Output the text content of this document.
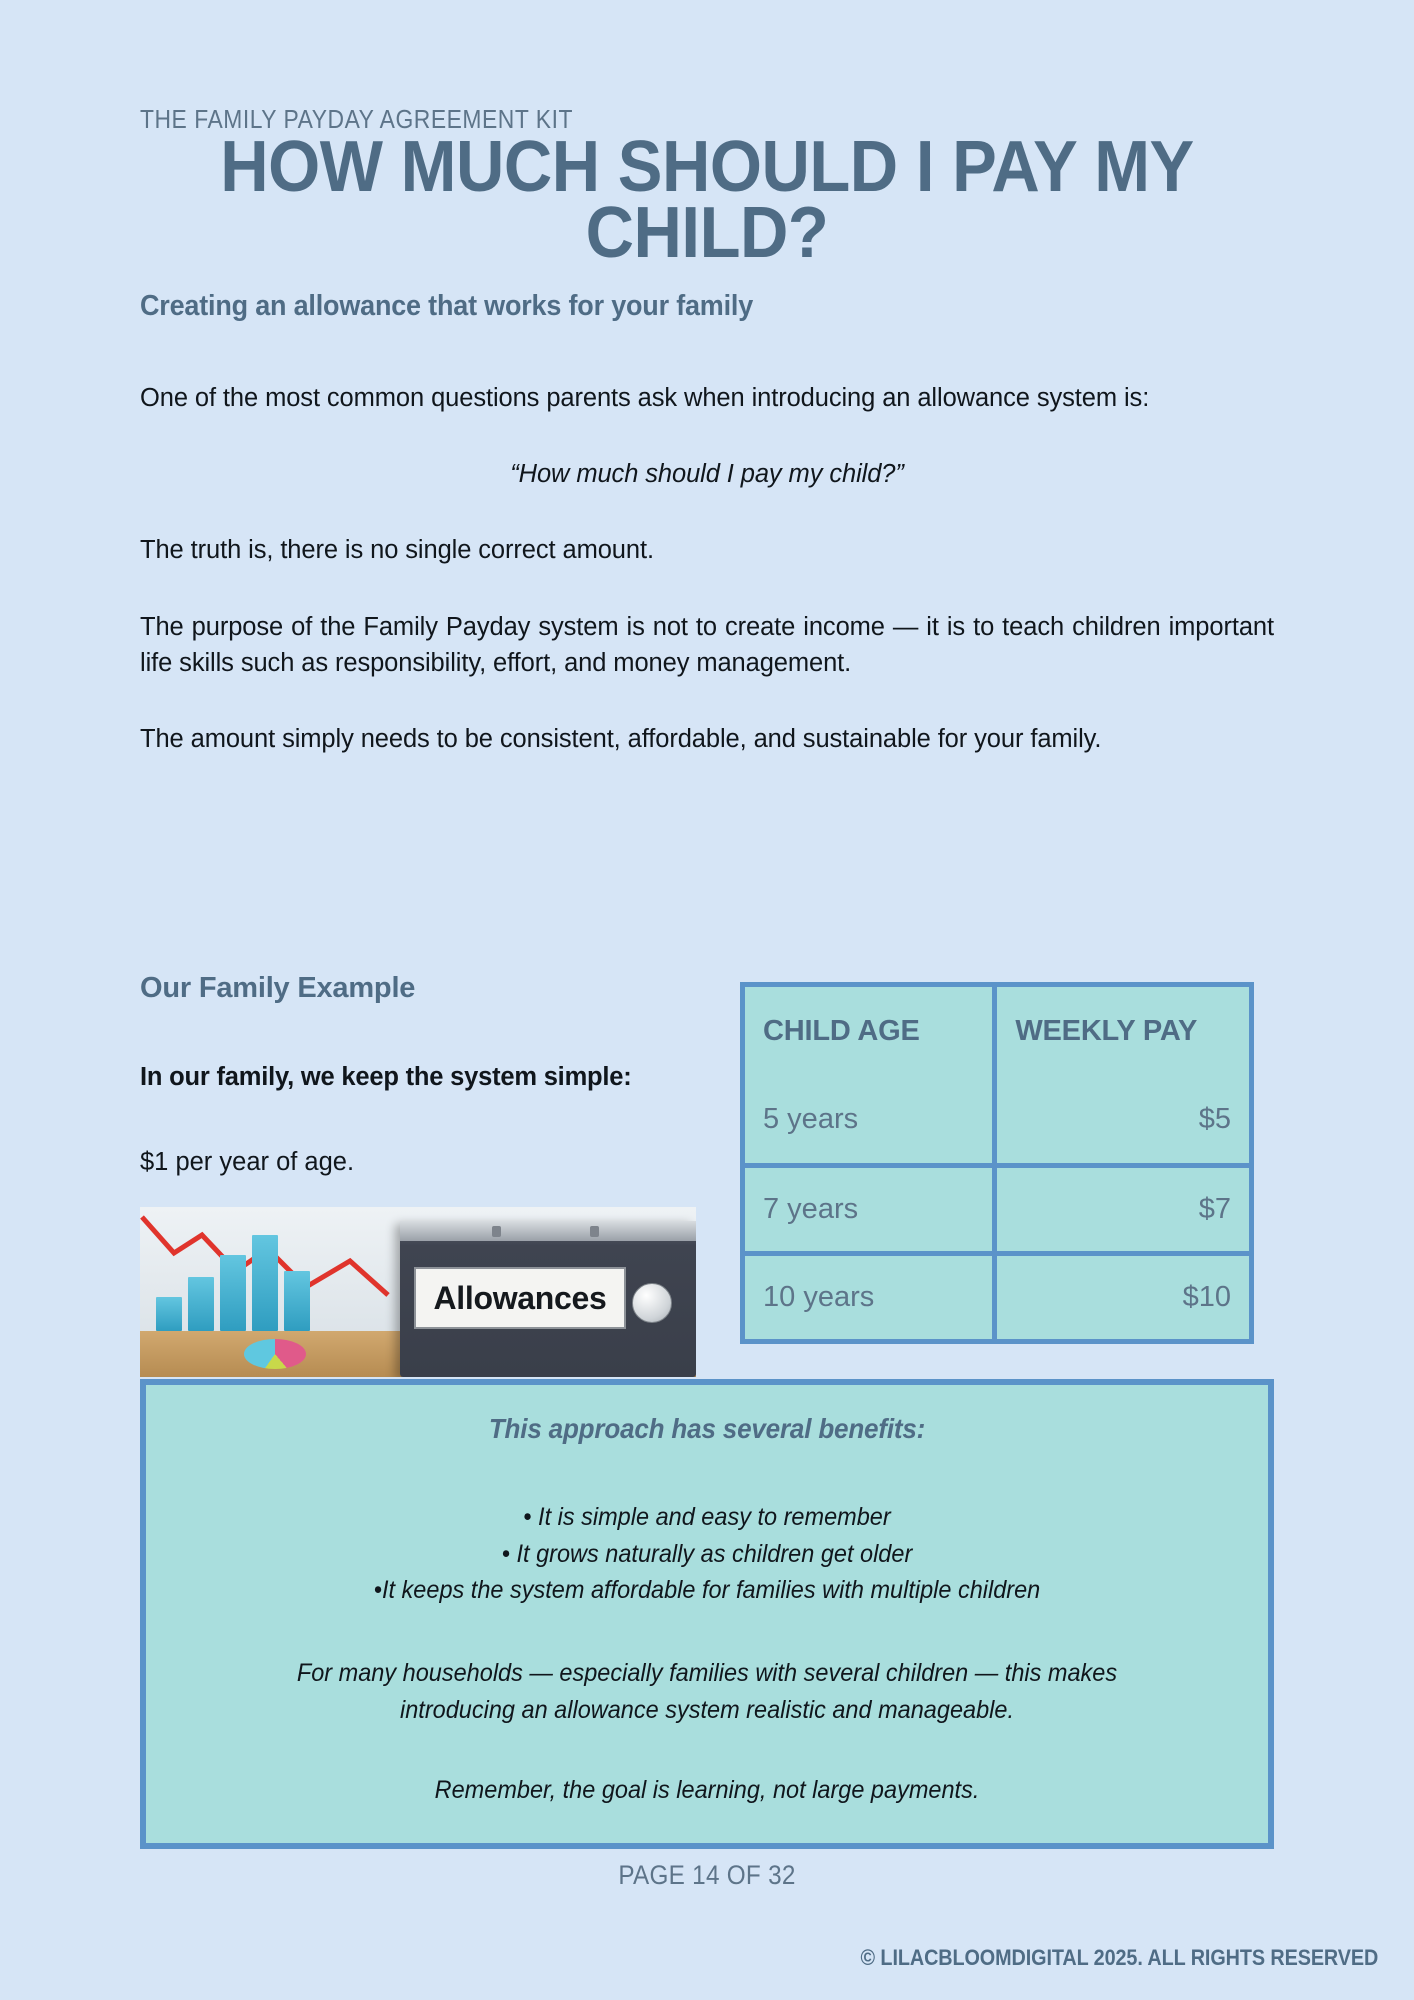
THE FAMILY PAYDAY AGREEMENT KIT
HOW MUCH SHOULD I PAY MY CHILD?
Creating an allowance that works for your family

One of the most common questions parents ask when introducing an allowance system is:

“How much should I pay my child?”

The truth is, there is no single correct amount.

The purpose of the Family Payday system is not to create income — it is to teach children important life skills such as responsibility, effort, and money management.

The amount simply needs to be consistent, affordable, and sustainable for your family.

Our Family Example
In our family, we keep the system simple:
$1 per year of age.
Allowances
CHILD AGE	WEEKLY PAY
5 years	$5
7 years	$7
10 years	$10
This approach has several benefits:
• It is simple and easy to remember
• It grows naturally as children get older
•It keeps the system affordable for families with multiple children
For many households — especially families with several children — this makes introducing an allowance system realistic and manageable.
Remember, the goal is learning, not large payments.
PAGE 14 OF 32
© LILACBLOOMDIGITAL 2025. ALL RIGHTS RESERVED
